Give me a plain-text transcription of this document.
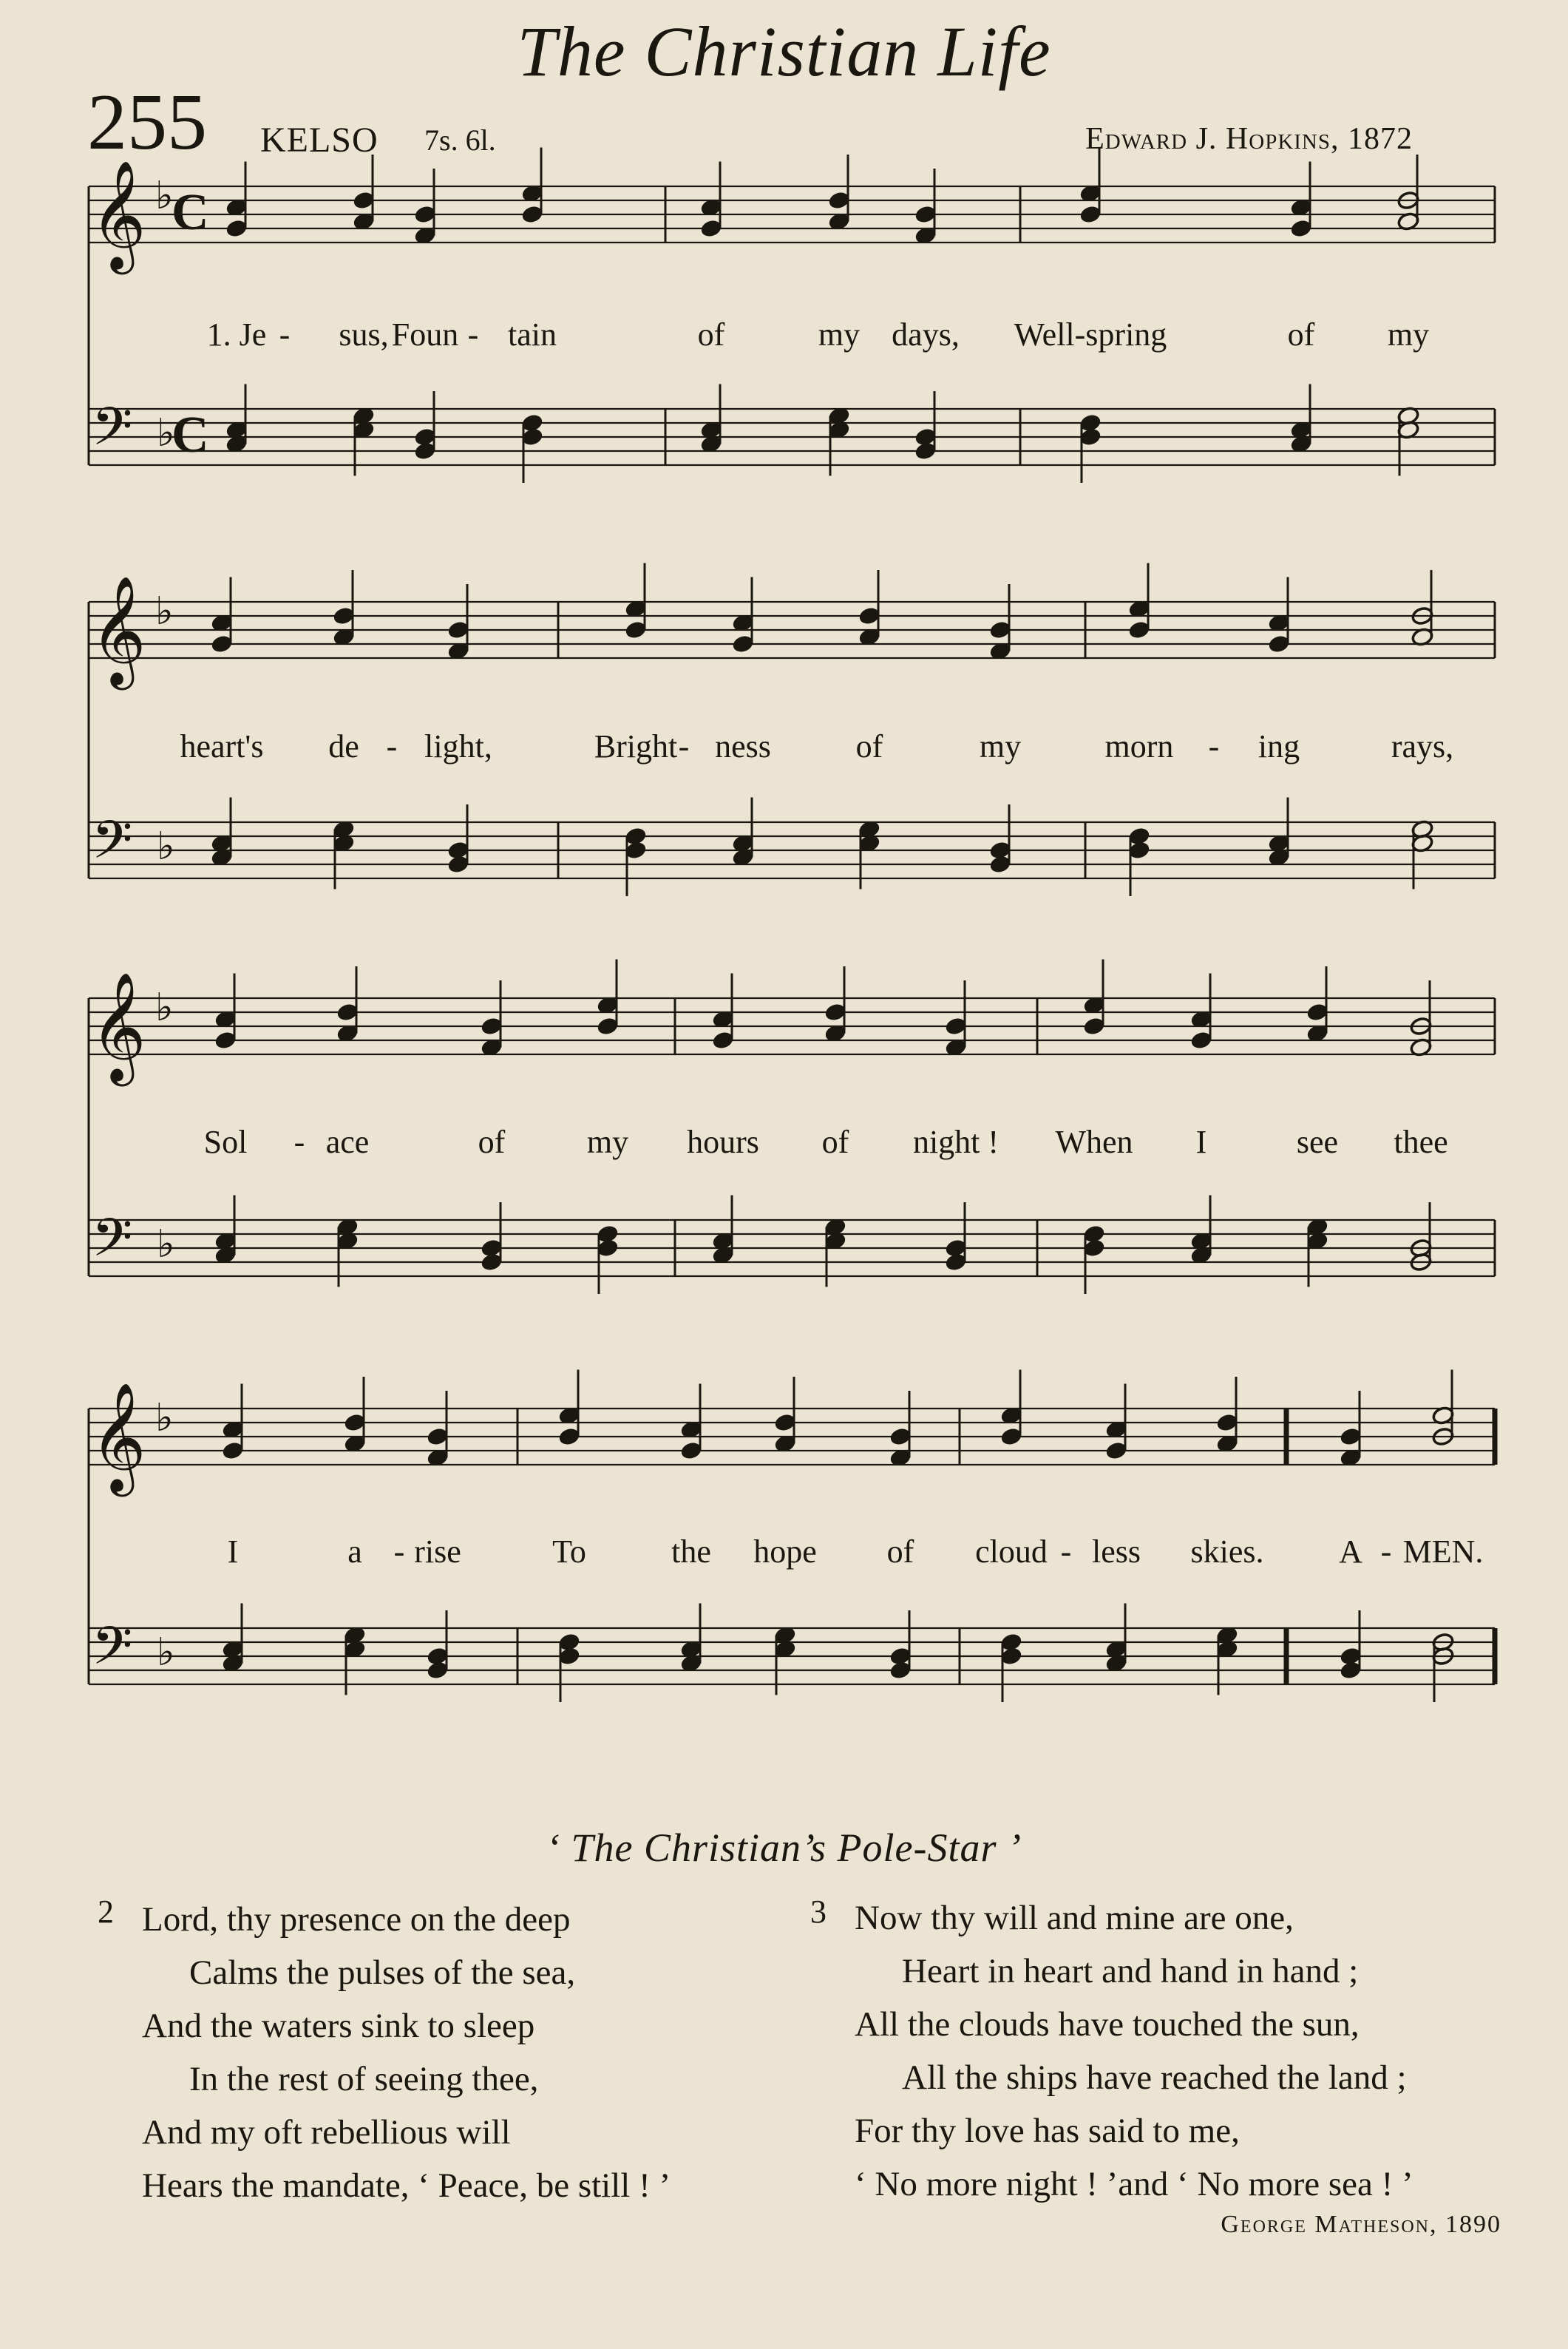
The Christian Life
255 KELSO 7s. 6l.	Edward J. Hopkins, 1872
𝄞 ♭
𝄢 ♭
C
C
1. Je - sus, Foun - tain	of	my days, Well-spring	of my
𝄞 ♭
𝄢 ♭
heart's de - light,	Bright - ness	of	my	morn - ing	rays,
𝄞 ♭
𝄢 ♭
Sol - ace	of	my hours of night ! When I	see thee
𝄞 ♭
𝄢 ♭
I	a - rise	To	the hope of cloud - less skies. A - MEN.
‘ The Christian’s Pole-Star ’
2 Lord, thy presence on the deep
Calms the pulses of the sea,
And the waters sink to sleep
In the rest of seeing thee,
And my oft rebellious will
Hears the mandate, ‘ Peace, be still ! ’
3 Now thy will and mine are one,
Heart in heart and hand in hand ;
All the clouds have touched the sun,
All the ships have reached the land ;
For thy love has said to me,
‘ No more night ! ’and ‘ No more sea ! ’
George Matheson, 1890
